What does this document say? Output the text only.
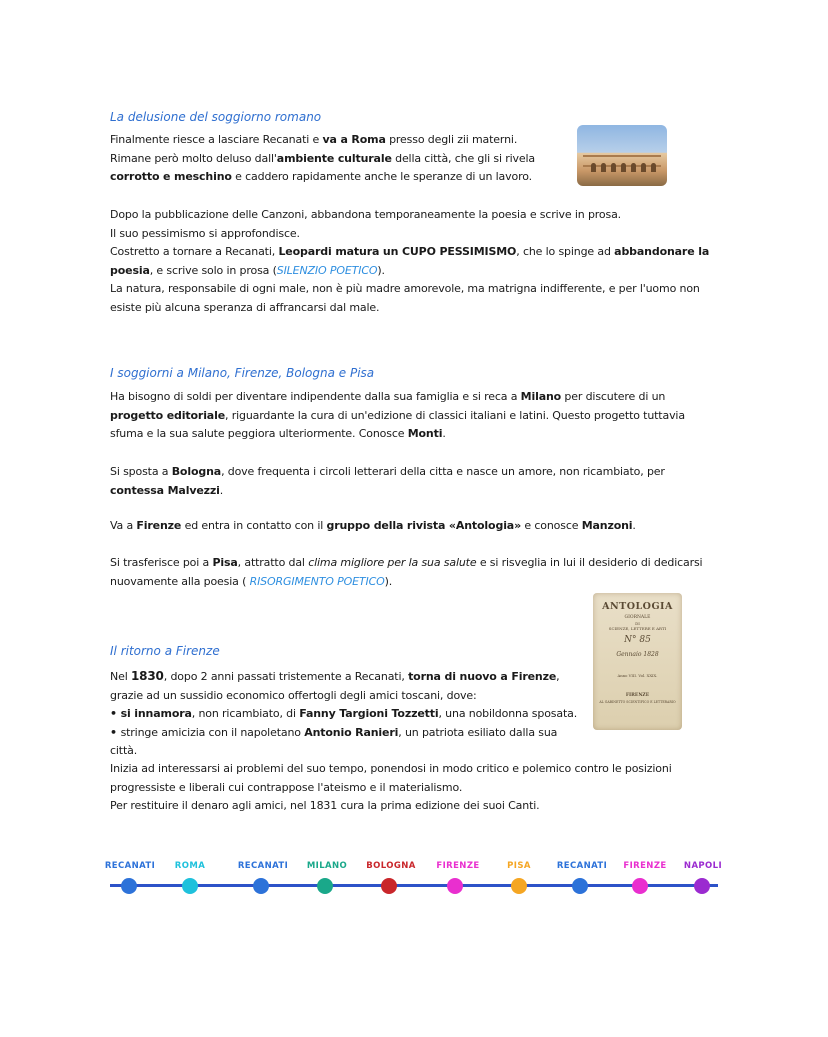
La delusione del soggiorno romano

Finalmente riesce a lasciare Recanati e va a Roma presso degli zii materni.
Rimane però molto deluso dall'ambiente culturale della città, che gli si rivela
corrotto e meschino e caddero rapidamente anche le speranze di un lavoro.

Dopo la pubblicazione delle Canzoni, abbandona temporaneamente la poesia e scrive in prosa.
Il suo pessimismo si approfondisce.
Costretto a tornare a Recanati, Leopardi matura un CUPO PESSIMISMO, che lo spinge ad abbandonare la poesia, e scrive solo in prosa (SILENZIO POETICO).
La natura, responsabile di ogni male, non è più madre amorevole, ma matrigna indifferente, e per l'uomo non esiste più alcuna speranza di affrancarsi dal male.

I soggiorni a Milano, Firenze, Bologna e Pisa

Ha bisogno di soldi per diventare indipendente dalla sua famiglia e si reca a Milano per discutere di un progetto editoriale, riguardante la cura di un'edizione di classici italiani e latini. Questo progetto tuttavia sfuma e la sua salute peggiora ulteriormente. Conosce Monti.

Si sposta a Bologna, dove frequenta i circoli letterari della citta e nasce un amore, non ricambiato, per contessa Malvezzi.

Va a Firenze ed entra in contatto con il gruppo della rivista «Antologia» e conosce Manzoni.

Si trasferisce poi a Pisa, attratto dal clima migliore per la sua salute e si risveglia in lui il desiderio di dedicarsi nuovamente alla poesia ( RISORGIMENTO POETICO).

ANTOLOGIA
GIORNALE
DI
SCIENZE, LETTERE E ARTI
N° 85
Gennaio 1828
Anno VIII. Vol. XXIX.
FIRENZE
AL GABINETTO SCIENTIFICO E LETTERARIO
Il ritorno a Firenze

Nel 1830, dopo 2 anni passati tristemente a Recanati, torna di nuovo a Firenze,
grazie ad un sussidio economico offertogli degli amici toscani, dove:
• si innamora, non ricambiato, di Fanny Targioni Tozzetti, una nobildonna sposata.
• stringe amicizia con il napoletano Antonio Ranieri, un patriota esiliato dalla sua città.

Inizia ad interessarsi ai problemi del suo tempo, ponendosi in modo critico e polemico contro le posizioni progressiste e liberali cui contrappose l'ateismo e il materialismo.
Per restituire il denaro agli amici, nel 1831 cura la prima edizione dei suoi Canti.

RECANATI ROMA	RECANATI MILANO BOLOGNA FIRENZE	PISA	RECANATI FIRENZE NAPOLI
